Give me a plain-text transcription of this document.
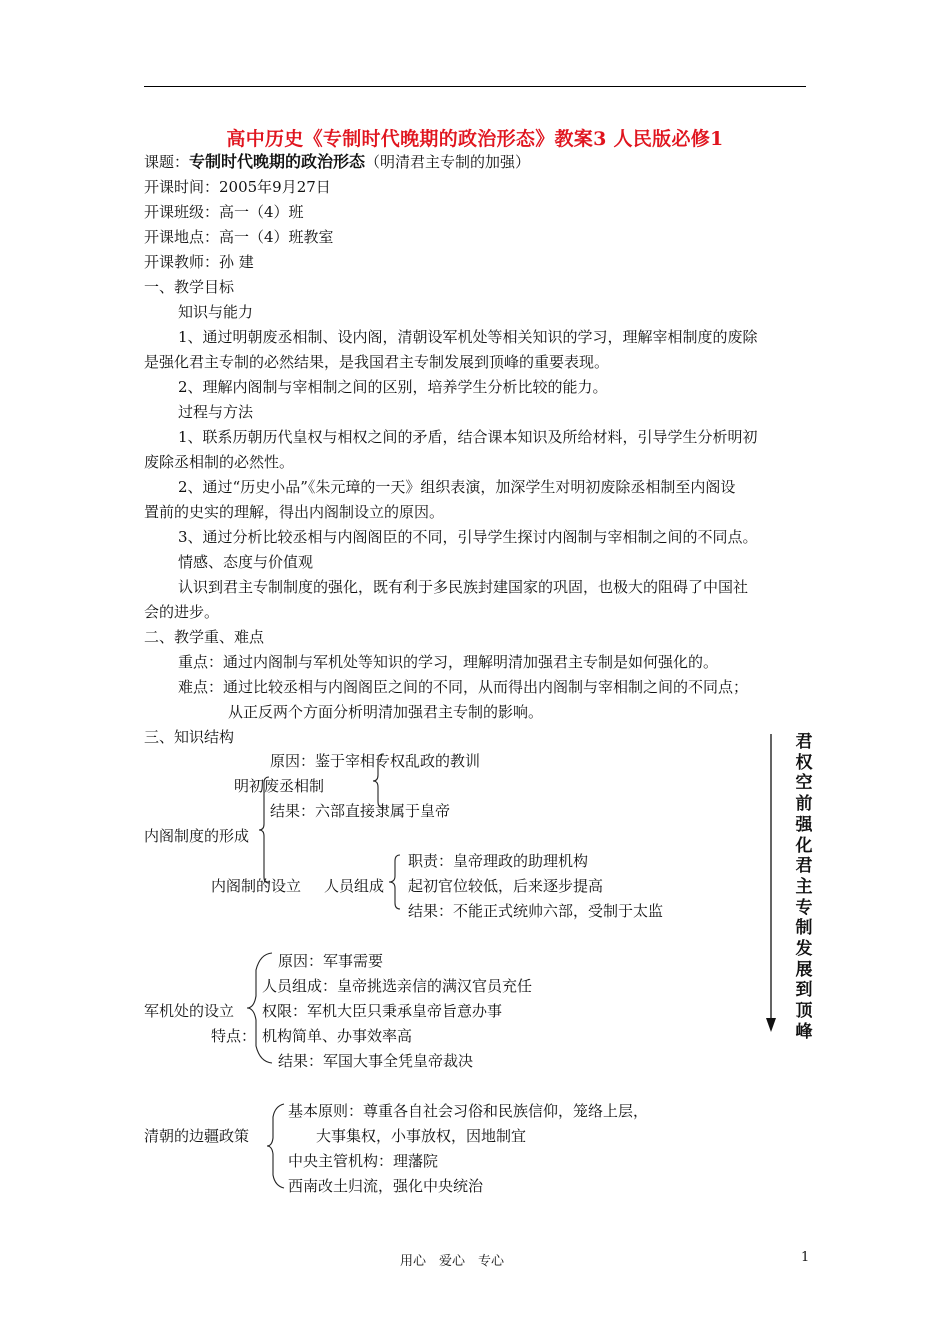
高中历史《专制时代晚期的政治形态》教案3 人民版必修1
课题：专制时代晚期的政治形态（明清君主专制的加强）
开课时间：2005年9月27日
开课班级：高一（4）班
开课地点：高一（4）班教室
开课教师：孙 建
一、教学目标
知识与能力
1、通过明朝废丞相制、设内阁，清朝设军机处等相关知识的学习，理解宰相制度的废除
是强化君主专制的必然结果，是我国君主专制发展到顶峰的重要表现。
2、理解内阁制与宰相制之间的区别，培养学生分析比较的能力。
过程与方法
1、联系历朝历代皇权与相权之间的矛盾，结合课本知识及所给材料，引导学生分析明初
废除丞相制的必然性。
2、通过“历史小品”《朱元璋的一天》组织表演，加深学生对明初废除丞相制至内阁设
置前的史实的理解，得出内阁制设立的原因。
3、通过分析比较丞相与内阁阁臣的不同，引导学生探讨内阁制与宰相制之间的不同点。
情感、态度与价值观
认识到君主专制制度的强化，既有利于多民族封建国家的巩固，也极大的阻碍了中国社
会的进步。
二、教学重、难点
重点：通过内阁制与军机处等知识的学习，理解明清加强君主专制是如何强化的。
难点：通过比较丞相与内阁阁臣之间的不同，从而得出内阁制与宰相制之间的不同点；
从正反两个方面分析明清加强君主专制的影响。
三、知识结构
原因：鉴于宰相专权乱政的教训
明初废丞相制
结果：六部直接隶属于皇帝
内阁制度的形成
内阁制的设立 人员组成
职责：皇帝理政的助理机构
起初官位较低，后来逐步提高
结果：不能正式统帅六部，受制于太监
原因：军事需要
人员组成：皇帝挑选亲信的满汉官员充任
军机处的设立 权限：军机大臣只秉承皇帝旨意办事
特点： 机构简单、办事效率高
结果：军国大事全凭皇帝裁决
基本原则：尊重各自社会习俗和民族信仰，笼络上层，
大事集权，小事放权，因地制宜
清朝的边疆政策
中央主管机构：理藩院
西南改土归流，强化中央统治
君
权
空
前
强
化
君
主
专
制
发
展
到
顶
峰
用心　爱心　专心	1
